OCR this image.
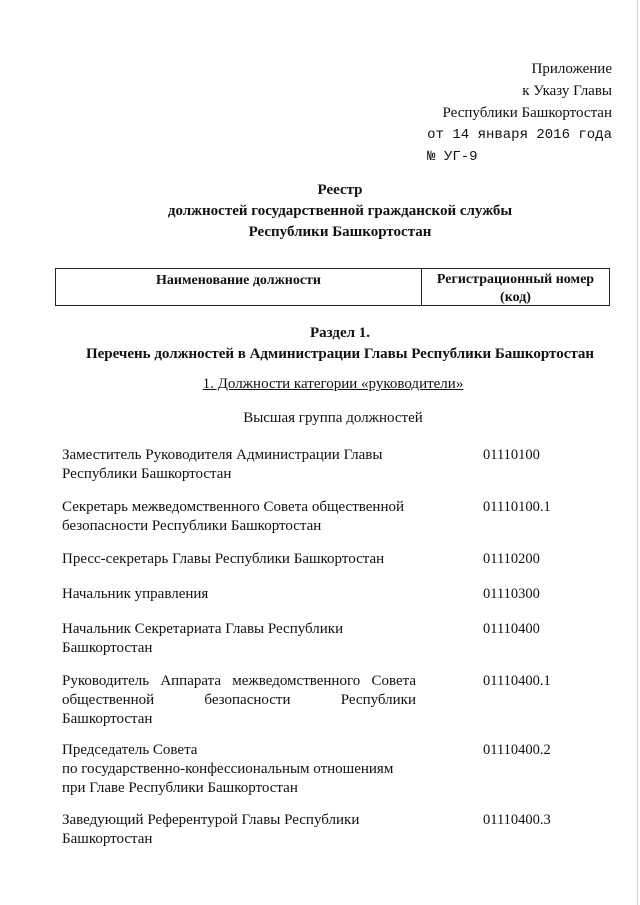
Приложение
к Указу Главы
Республики Башкортостан
от 14 января 2016 года
№ УГ-9
Реестр
должностей государственной гражданской службы
Республики Башкортостан
Наименование должности	Регистрационный номер
(код)
Раздел 1.
Перечень должностей в Администрации Главы Республики Башкортостан
1. Должности категории «руководители»
Высшая группа должностей
Заместитель Руководителя Администрации Главы
Республики Башкортостан
01110100
Секретарь межведомственного Совета общественной
безопасности Республики Башкортостан
01110100.1
Пресс-секретарь Главы Республики Башкортостан	01110200
Начальник управления	01110300
Начальник Секретариата Главы Республики
Башкортостан
01110400
Руководитель Аппарата межведомственного Совета
общественной безопасности Республики
Башкортостан
01110400.1
Председатель Совета
по государственно-конфессиональным отношениям
при Главе Республики Башкортостан
01110400.2
Заведующий Референтурой Главы Республики
Башкортостан
01110400.3
